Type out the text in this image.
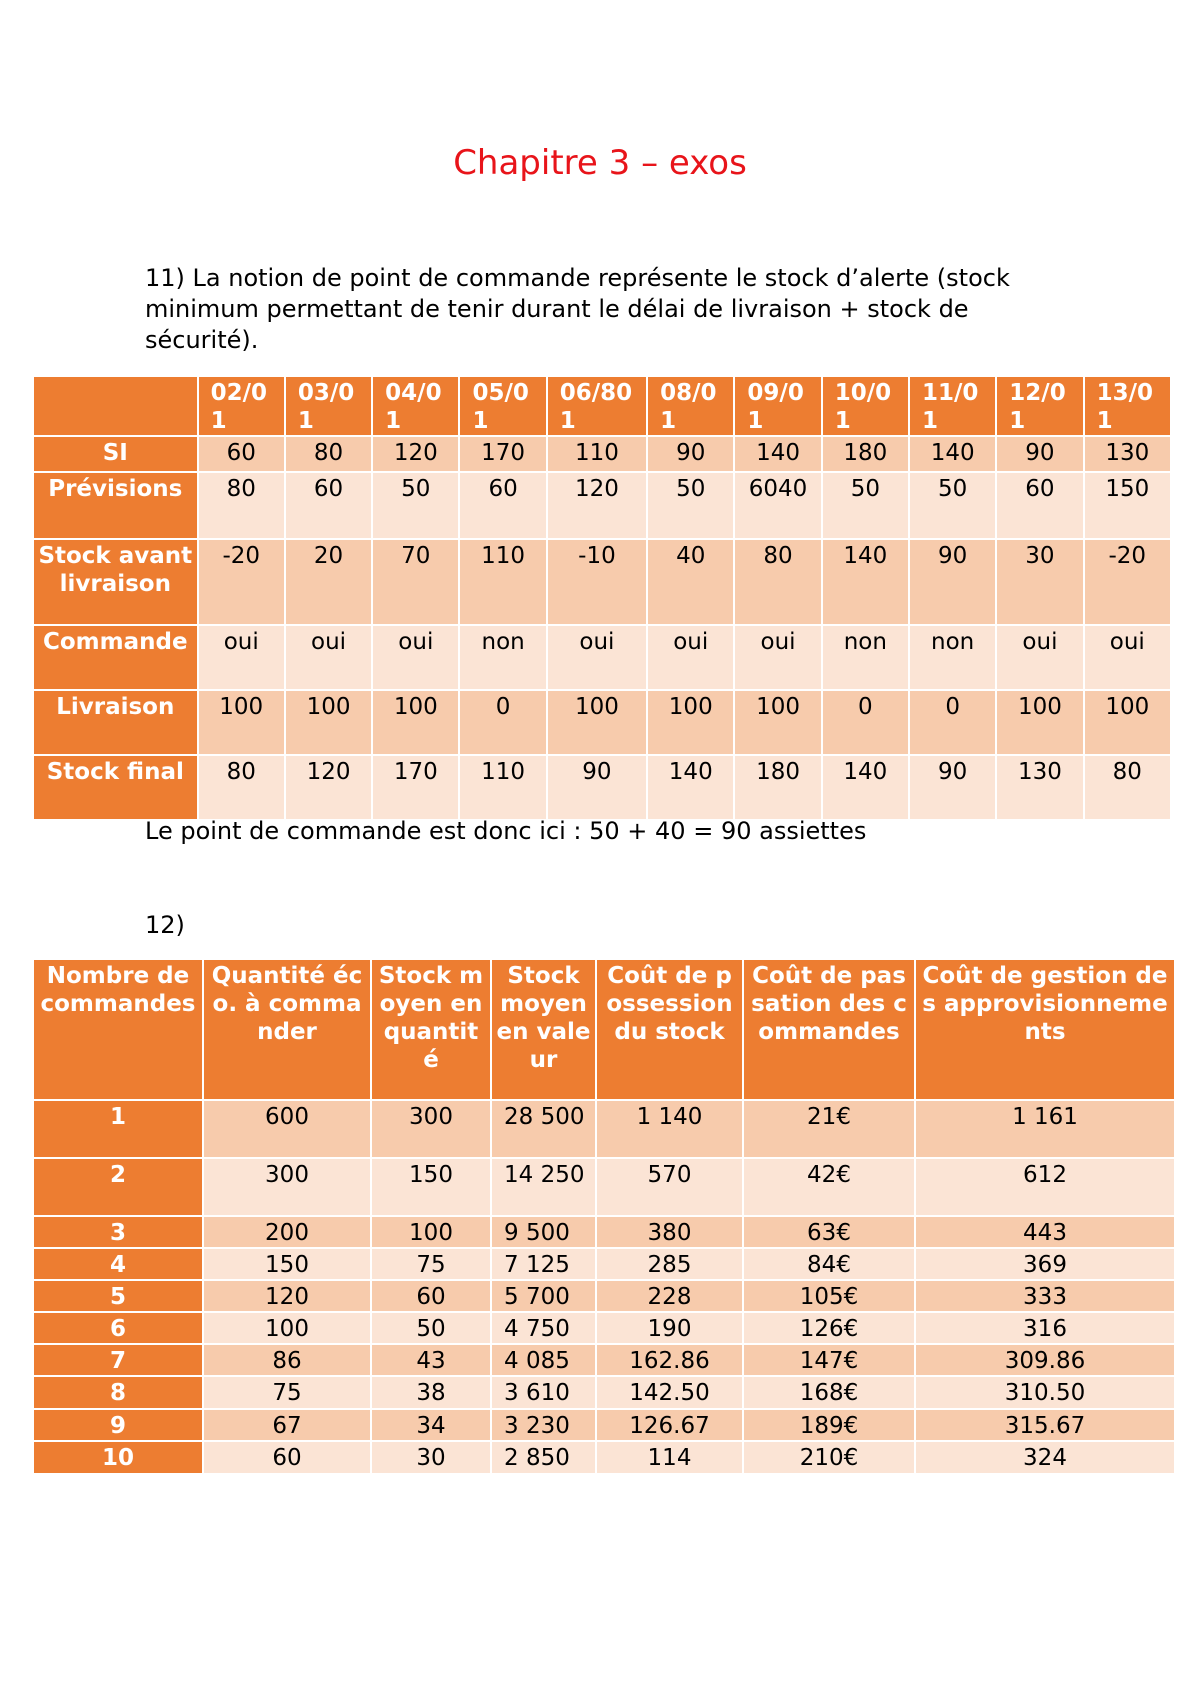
Chapitre 3 – exos
11) La notion de point de commande représente le stock d’alerte (stock minimum permettant de tenir durant le délai de livraison + stock de sécurité).
	02/01	03/01	04/01	05/01	06/801	08/01	09/01	10/01	11/01	12/01	13/01
SI	60	80	120	170	110	90	140	180	140	90	130
Prévisions	80	60	50	60	120	50	6040	50	50	60	150
Stock avant livraison	-20	20	70	110	-10	40	80	140	90	30	-20
Commande	oui	oui	oui	non	oui	oui	oui	non	non	oui	oui
Livraison	100	100	100	0	100	100	100	0	0	100	100
Stock final	80	120	170	110	90	140	180	140	90	130	80
Le point de commande est donc ici : 50 + 40 = 90 assiettes
12)
Nombre de commandes	Quantité éco. à commander	Stock moyen en quantité	Stock moyen en valeur	Coût de possession du stock	Coût de passation des commandes	Coût de gestion des approvisionnements
1	600	300	28 500	1 140	21€	1 161
2	300	150	14 250	570	42€	612
3	200	100	9 500	380	63€	443
4	150	75	7 125	285	84€	369
5	120	60	5 700	228	105€	333
6	100	50	4 750	190	126€	316
7	86	43	4 085	162.86	147€	309.86
8	75	38	3 610	142.50	168€	310.50
9	67	34	3 230	126.67	189€	315.67
10	60	30	2 850	114	210€	324
